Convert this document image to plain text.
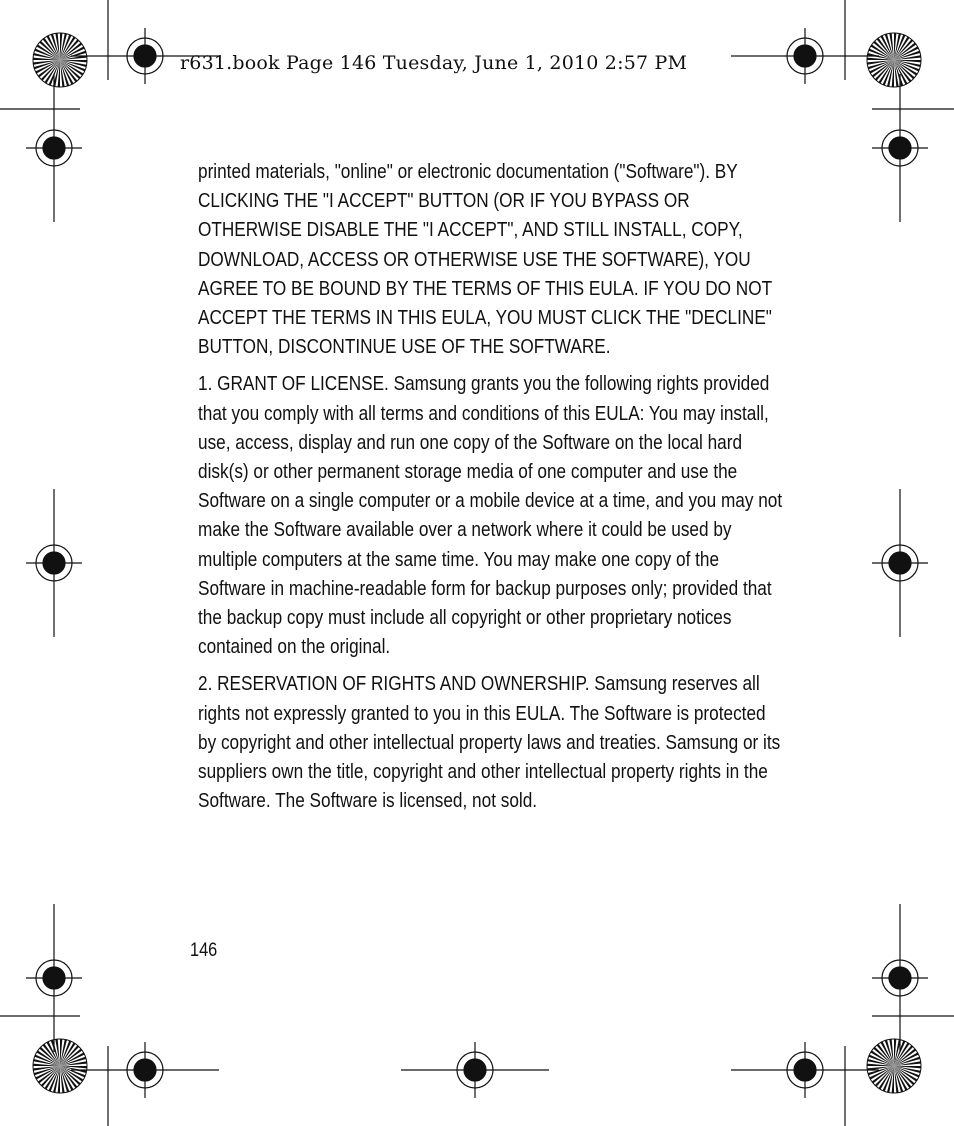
r631.book Page 146 Tuesday, June 1, 2010 2:57 PM

printed materials, "online" or electronic documentation ("Software"). BY CLICKING THE "I ACCEPT" BUTTON (OR IF YOU BYPASS OR OTHERWISE DISABLE THE "I ACCEPT", AND STILL INSTALL, COPY, DOWNLOAD, ACCESS OR OTHERWISE USE THE SOFTWARE), YOU AGREE TO BE BOUND BY THE TERMS OF THIS EULA. IF YOU DO NOT ACCEPT THE TERMS IN THIS EULA, YOU MUST CLICK THE "DECLINE" BUTTON, DISCONTINUE USE OF THE SOFTWARE.

1. GRANT OF LICENSE. Samsung grants you the following rights provided that you comply with all terms and conditions of this EULA: You may install, use, access, display and run one copy of the Software on the local hard disk(s) or other permanent storage media of one computer and use the Software on a single computer or a mobile device at a time, and you may not make the Software available over a network where it could be used by multiple computers at the same time. You may make one copy of the Software in machine-readable form for backup purposes only; provided that the backup copy must include all copyright or other proprietary notices contained on the original.

2. RESERVATION OF RIGHTS AND OWNERSHIP. Samsung reserves all rights not expressly granted to you in this EULA. The Software is protected by copyright and other intellectual property laws and treaties. Samsung or its suppliers own the title, copyright and other intellectual property rights in the Software. The Software is licensed, not sold.

146
